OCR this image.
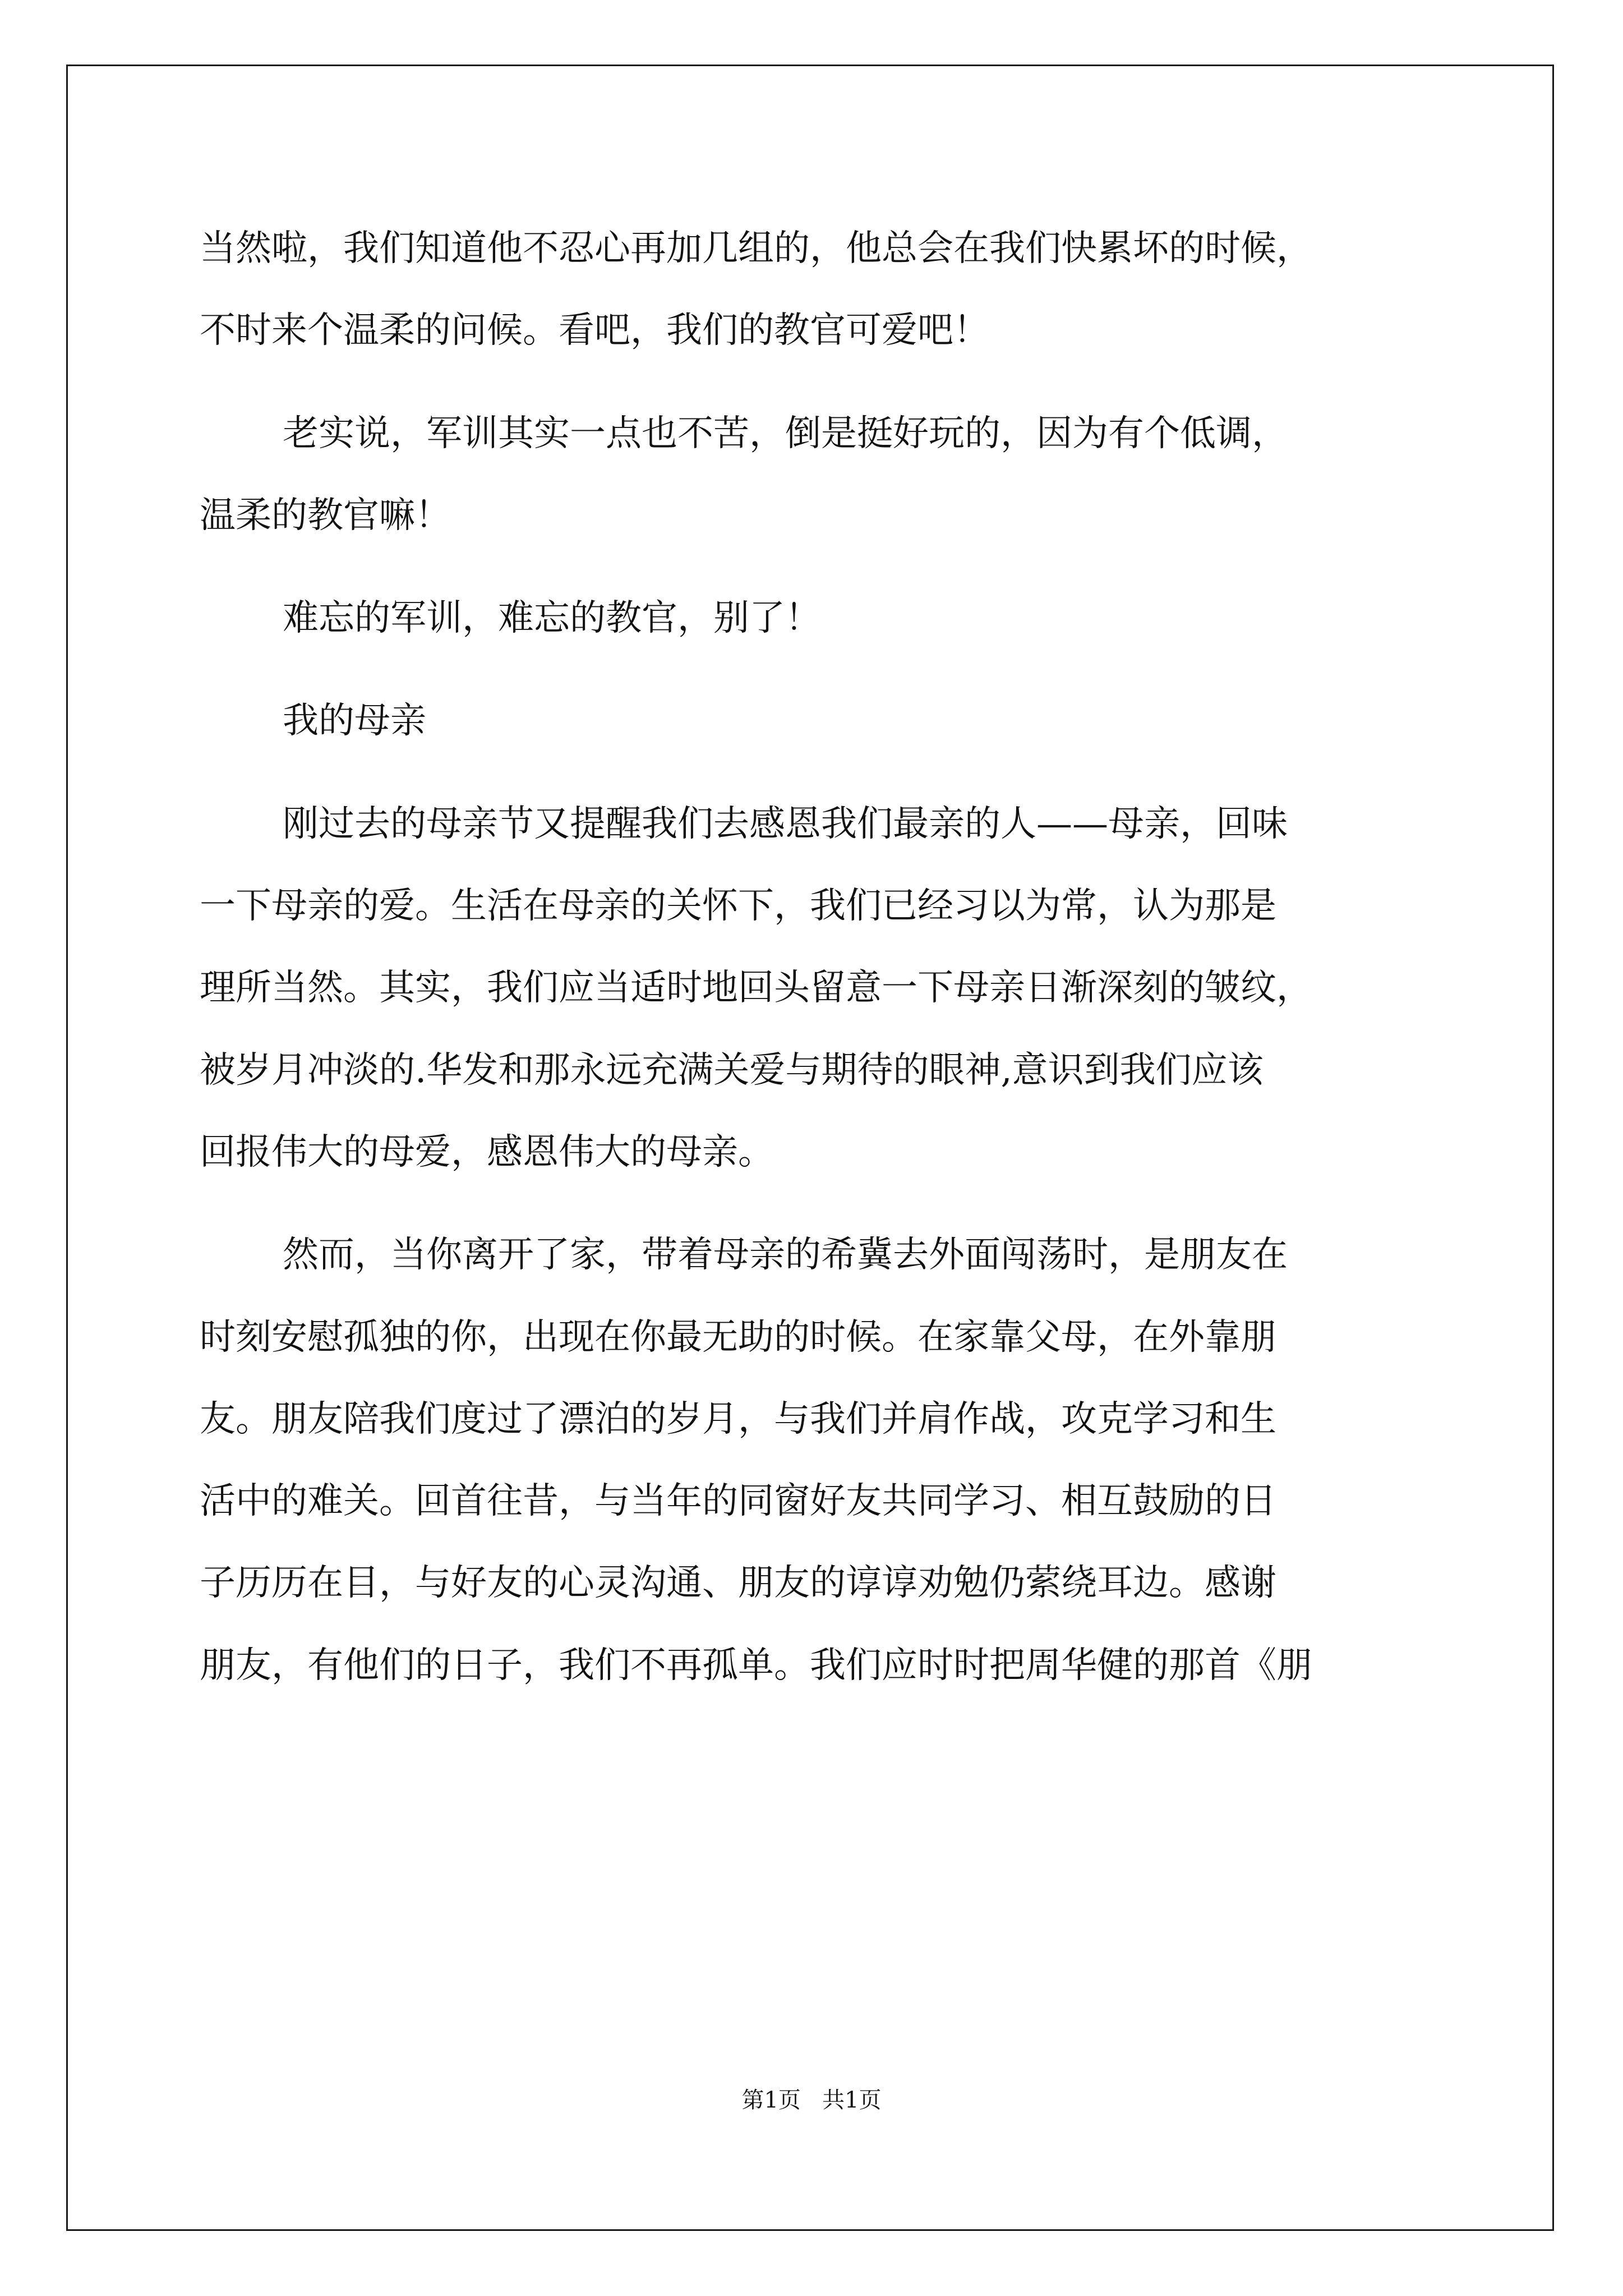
当然啦，我们知道他不忍心再加几组的，他总会在我们快累坏的时候，
不时来个温柔的问候。看吧，我们的教官可爱吧！
老实说，军训其实一点也不苦，倒是挺好玩的，因为有个低调，
温柔的教官嘛！
难忘的军训，难忘的教官，别了！
我的母亲
刚过去的母亲节又提醒我们去感恩我们最亲的人——母亲，回味
一下母亲的爱。生活在母亲的关怀下，我们已经习以为常，认为那是
理所当然。其实，我们应当适时地回头留意一下母亲日渐深刻的皱纹，
被岁月冲淡的.华发和那永远充满关爱与期待的眼神,意识到我们应该
回报伟大的母爱，感恩伟大的母亲。
然而，当你离开了家，带着母亲的希冀去外面闯荡时，是朋友在
时刻安慰孤独的你，出现在你最无助的时候。在家靠父母，在外靠朋
友。朋友陪我们度过了漂泊的岁月，与我们并肩作战，攻克学习和生
活中的难关。回首往昔，与当年的同窗好友共同学习、相互鼓励的日
子历历在目，与好友的心灵沟通、朋友的谆谆劝勉仍萦绕耳边。感谢
朋友，有他们的日子，我们不再孤单。我们应时时把周华健的那首《朋
第1页   共1页
